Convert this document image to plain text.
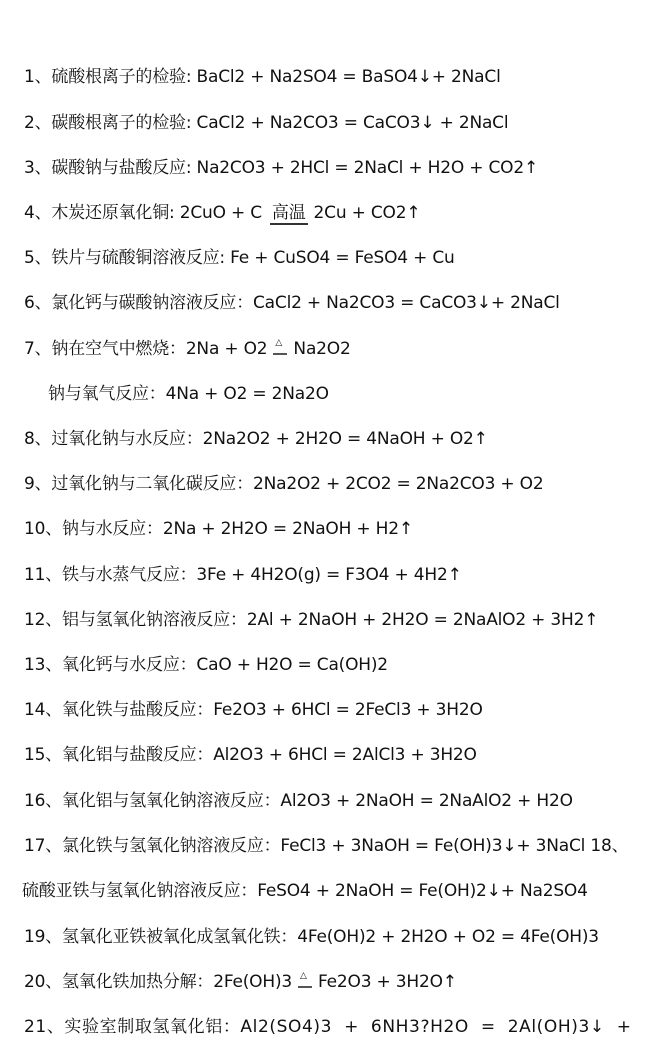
1、硫酸根离子的检验: BaCl2 + Na2SO4 = BaSO4↓+ 2NaCl
2、碳酸根离子的检验: CaCl2 + Na2CO3 = CaCO3↓ + 2NaCl
3、碳酸钠与盐酸反应: Na2CO3 + 2HCl = 2NaCl + H2O + CO2↑
4、木炭还原氧化铜: 2CuO + C 高温 2Cu + CO2↑
5、铁片与硫酸铜溶液反应: Fe + CuSO4 = FeSO4 + Cu
6、氯化钙与碳酸钠溶液反应：CaCl2 + Na2CO3 = CaCO3↓+ 2NaCl
7、钠在空气中燃烧：2Na + O2 △ Na2O2
钠与氧气反应：4Na + O2 = 2Na2O
8、过氧化钠与水反应：2Na2O2 + 2H2O = 4NaOH + O2↑
9、过氧化钠与二氧化碳反应：2Na2O2 + 2CO2 = 2Na2CO3 + O2
10、钠与水反应：2Na + 2H2O = 2NaOH + H2↑
11、铁与水蒸气反应：3Fe + 4H2O(g) = F3O4 + 4H2↑
12、铝与氢氧化钠溶液反应：2Al + 2NaOH + 2H2O = 2NaAlO2 + 3H2↑
13、氧化钙与水反应：CaO + H2O = Ca(OH)2
14、氧化铁与盐酸反应：Fe2O3 + 6HCl = 2FeCl3 + 3H2O
15、氧化铝与盐酸反应：Al2O3 + 6HCl = 2AlCl3 + 3H2O
16、氧化铝与氢氧化钠溶液反应：Al2O3 + 2NaOH = 2NaAlO2 + H2O
17、氯化铁与氢氧化钠溶液反应：FeCl3 + 3NaOH = Fe(OH)3↓+ 3NaCl 18、
硫酸亚铁与氢氧化钠溶液反应：FeSO4 + 2NaOH = Fe(OH)2↓+ Na2SO4
19、氢氧化亚铁被氧化成氢氧化铁：4Fe(OH)2 + 2H2O + O2 = 4Fe(OH)3
20、氢氧化铁加热分解：2Fe(OH)3 △ Fe2O3 + 3H2O↑
21、实验室制取氢氧化铝：Al2(SO4)3 + 6NH3?H2O = 2Al(OH)3↓ +
